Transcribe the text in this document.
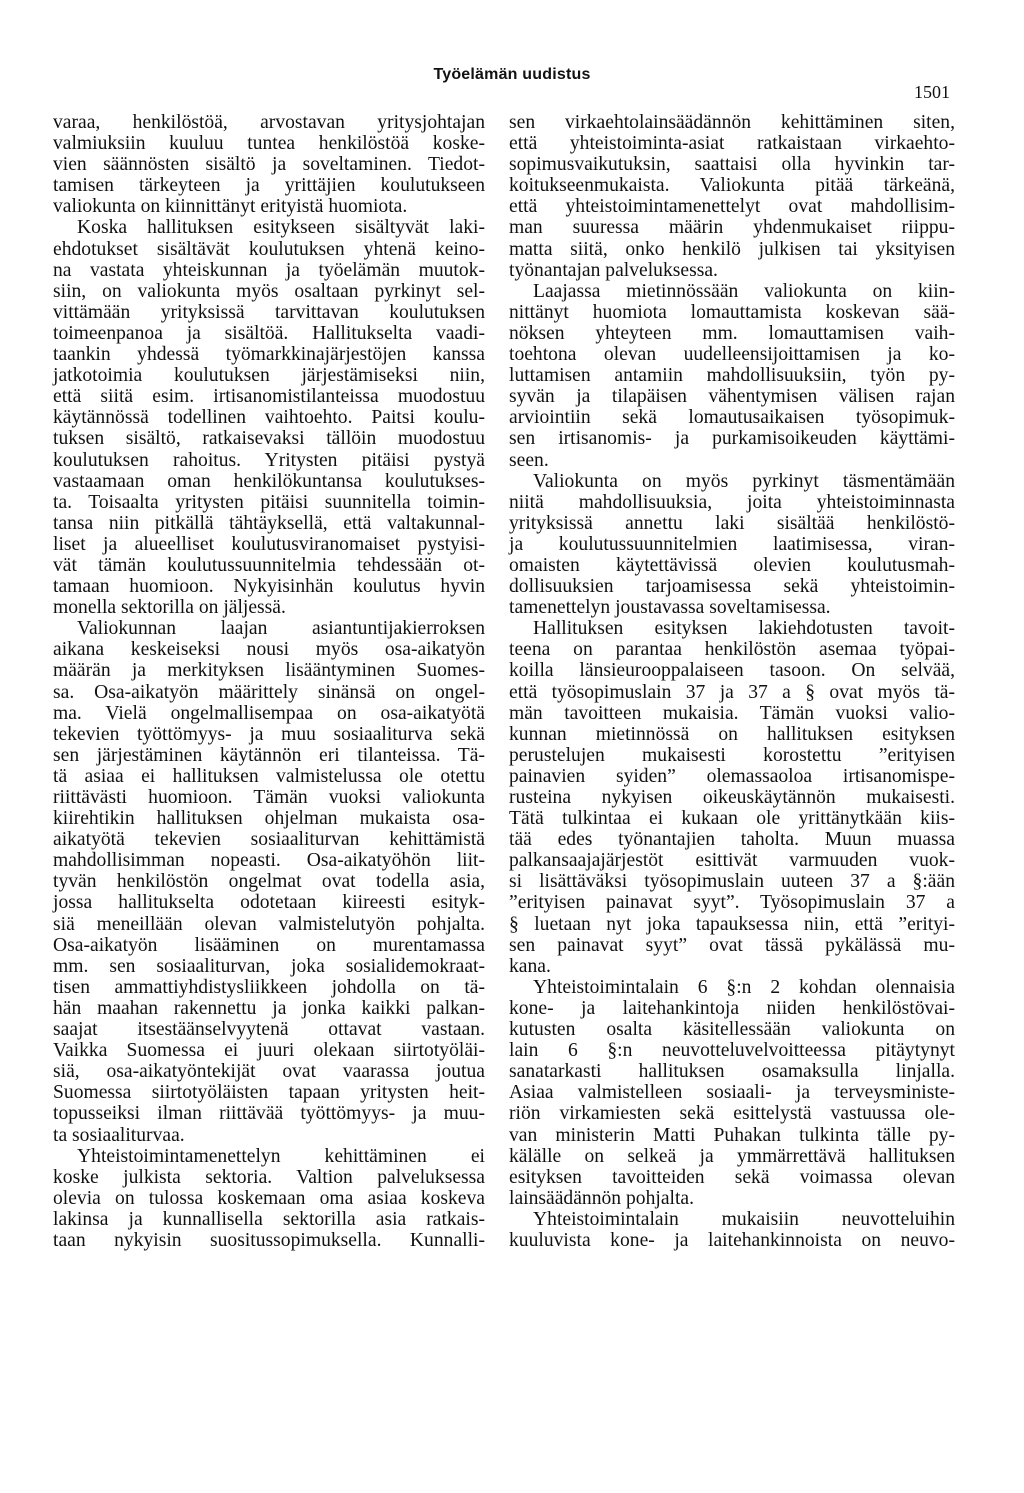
Työelämän uudistus
1501
varaa, henkilöstöä, arvostavan yritysjohtajan
valmiuksiin kuuluu tuntea henkilöstöä koske-
vien säännösten sisältö ja soveltaminen. Tiedot-
tamisen tärkeyteen ja yrittäjien koulutukseen
valiokunta on kiinnittänyt erityistä huomiota.
Koska hallituksen esitykseen sisältyvät laki-
ehdotukset sisältävät koulutuksen yhtenä keino-
na vastata yhteiskunnan ja työelämän muutok-
siin, on valiokunta myös osaltaan pyrkinyt sel-
vittämään yrityksissä tarvittavan koulutuksen
toimeenpanoa ja sisältöä. Hallitukselta vaadi-
taankin yhdessä työmarkkinajärjestöjen kanssa
jatkotoimia koulutuksen järjestämiseksi niin,
että siitä esim. irtisanomistilanteissa muodostuu
käytännössä todellinen vaihtoehto. Paitsi koulu-
tuksen sisältö, ratkaisevaksi tällöin muodostuu
koulutuksen rahoitus. Yritysten pitäisi pystyä
vastaamaan oman henkilökuntansa koulutukses-
ta. Toisaalta yritysten pitäisi suunnitella toimin-
tansa niin pitkällä tähtäyksellä, että valtakunnal-
liset ja alueelliset koulutusviranomaiset pystyisi-
vät tämän koulutussuunnitelmia tehdessään ot-
tamaan huomioon. Nykyisinhän koulutus hyvin
monella sektorilla on jäljessä.
Valiokunnan laajan asiantuntijakierroksen
aikana keskeiseksi nousi myös osa-aikatyön
määrän ja merkityksen lisääntyminen Suomes-
sa. Osa-aikatyön määrittely sinänsä on ongel-
ma. Vielä ongelmallisempaa on osa-aikatyötä
tekevien työttömyys- ja muu sosiaaliturva sekä
sen järjestäminen käytännön eri tilanteissa. Tä-
tä asiaa ei hallituksen valmistelussa ole otettu
riittävästi huomioon. Tämän vuoksi valiokunta
kiirehtikin hallituksen ohjelman mukaista osa-
aikatyötä tekevien sosiaaliturvan kehittämistä
mahdollisimman nopeasti. Osa-aikatyöhön liit-
tyvän henkilöstön ongelmat ovat todella asia,
jossa hallitukselta odotetaan kiireesti esityk-
siä meneillään olevan valmistelutyön pohjalta.
Osa-aikatyön lisääminen on murentamassa
mm. sen sosiaaliturvan, joka sosialidemokraat-
tisen ammattiyhdistysliikkeen johdolla on tä-
hän maahan rakennettu ja jonka kaikki palkan-
saajat itsestäänselvyytenä ottavat vastaan.
Vaikka Suomessa ei juuri olekaan siirtotyöläi-
siä, osa-aikatyöntekijät ovat vaarassa joutua
Suomessa siirtotyöläisten tapaan yritysten heit-
topusseiksi ilman riittävää työttömyys- ja muu-
ta sosiaaliturvaa.
Yhteistoimintamenettelyn kehittäminen ei
koske julkista sektoria. Valtion palveluksessa
olevia on tulossa koskemaan oma asiaa koskeva
lakinsa ja kunnallisella sektorilla asia ratkais-
taan nykyisin suositussopimuksella. Kunnalli-
sen virkaehtolainsäädännön kehittäminen siten,
että yhteistoiminta-asiat ratkaistaan virkaehto-
sopimusvaikutuksin, saattaisi olla hyvinkin tar-
koitukseenmukaista. Valiokunta pitää tärkeänä,
että yhteistoimintamenettelyt ovat mahdollisim-
man suuressa määrin yhdenmukaiset riippu-
matta siitä, onko henkilö julkisen tai yksityisen
työnantajan palveluksessa.
Laajassa mietinnössään valiokunta on kiin-
nittänyt huomiota lomauttamista koskevan sää-
nöksen yhteyteen mm. lomauttamisen vaih-
toehtona olevan uudelleensijoittamisen ja ko-
luttamisen antamiin mahdollisuuksiin, työn py-
syvän ja tilapäisen vähentymisen välisen rajan
arviointiin sekä lomautusaikaisen työsopimuk-
sen irtisanomis- ja purkamisoikeuden käyttämi-
seen.
Valiokunta on myös pyrkinyt täsmentämään
niitä mahdollisuuksia, joita yhteistoiminnasta
yrityksissä annettu laki sisältää henkilöstö-
ja koulutussuunnitelmien laatimisessa, viran-
omaisten käytettävissä olevien koulutusmah-
dollisuuksien tarjoamisessa sekä yhteistoimin-
tamenettelyn joustavassa soveltamisessa.
Hallituksen esityksen lakiehdotusten tavoit-
teena on parantaa henkilöstön asemaa työpai-
koilla länsieurooppalaiseen tasoon. On selvää,
että työsopimuslain 37 ja 37 a § ovat myös tä-
män tavoitteen mukaisia. Tämän vuoksi valio-
kunnan mietinnössä on hallituksen esityksen
perustelujen mukaisesti korostettu ”erityisen
painavien syiden” olemassaoloa irtisanomispe-
rusteina nykyisen oikeuskäytännön mukaisesti.
Tätä tulkintaa ei kukaan ole yrittänytkään kiis-
tää edes työnantajien taholta. Muun muassa
palkansaajajärjestöt esittivät varmuuden vuok-
si lisättäväksi työsopimuslain uuteen 37 a §:ään
”erityisen painavat syyt”. Työsopimuslain 37 a
§ luetaan nyt joka tapauksessa niin, että ”erityi-
sen painavat syyt” ovat tässä pykälässä mu-
kana.
Yhteistoimintalain 6 §:n 2 kohdan olennaisia
kone- ja laitehankintoja niiden henkilöstövai-
kutusten osalta käsitellessään valiokunta on
lain 6 §:n neuvotteluvelvoitteessa pitäytynyt
sanatarkasti hallituksen osamaksulla linjalla.
Asiaa valmistelleen sosiaali- ja terveysministe-
riön virkamiesten sekä esittelystä vastuussa ole-
van ministerin Matti Puhakan tulkinta tälle py-
kälälle on selkeä ja ymmärrettävä hallituksen
esityksen tavoitteiden sekä voimassa olevan
lainsäädännön pohjalta.
Yhteistoimintalain mukaisiin neuvotteluihin
kuuluvista kone- ja laitehankinnoista on neuvo-
